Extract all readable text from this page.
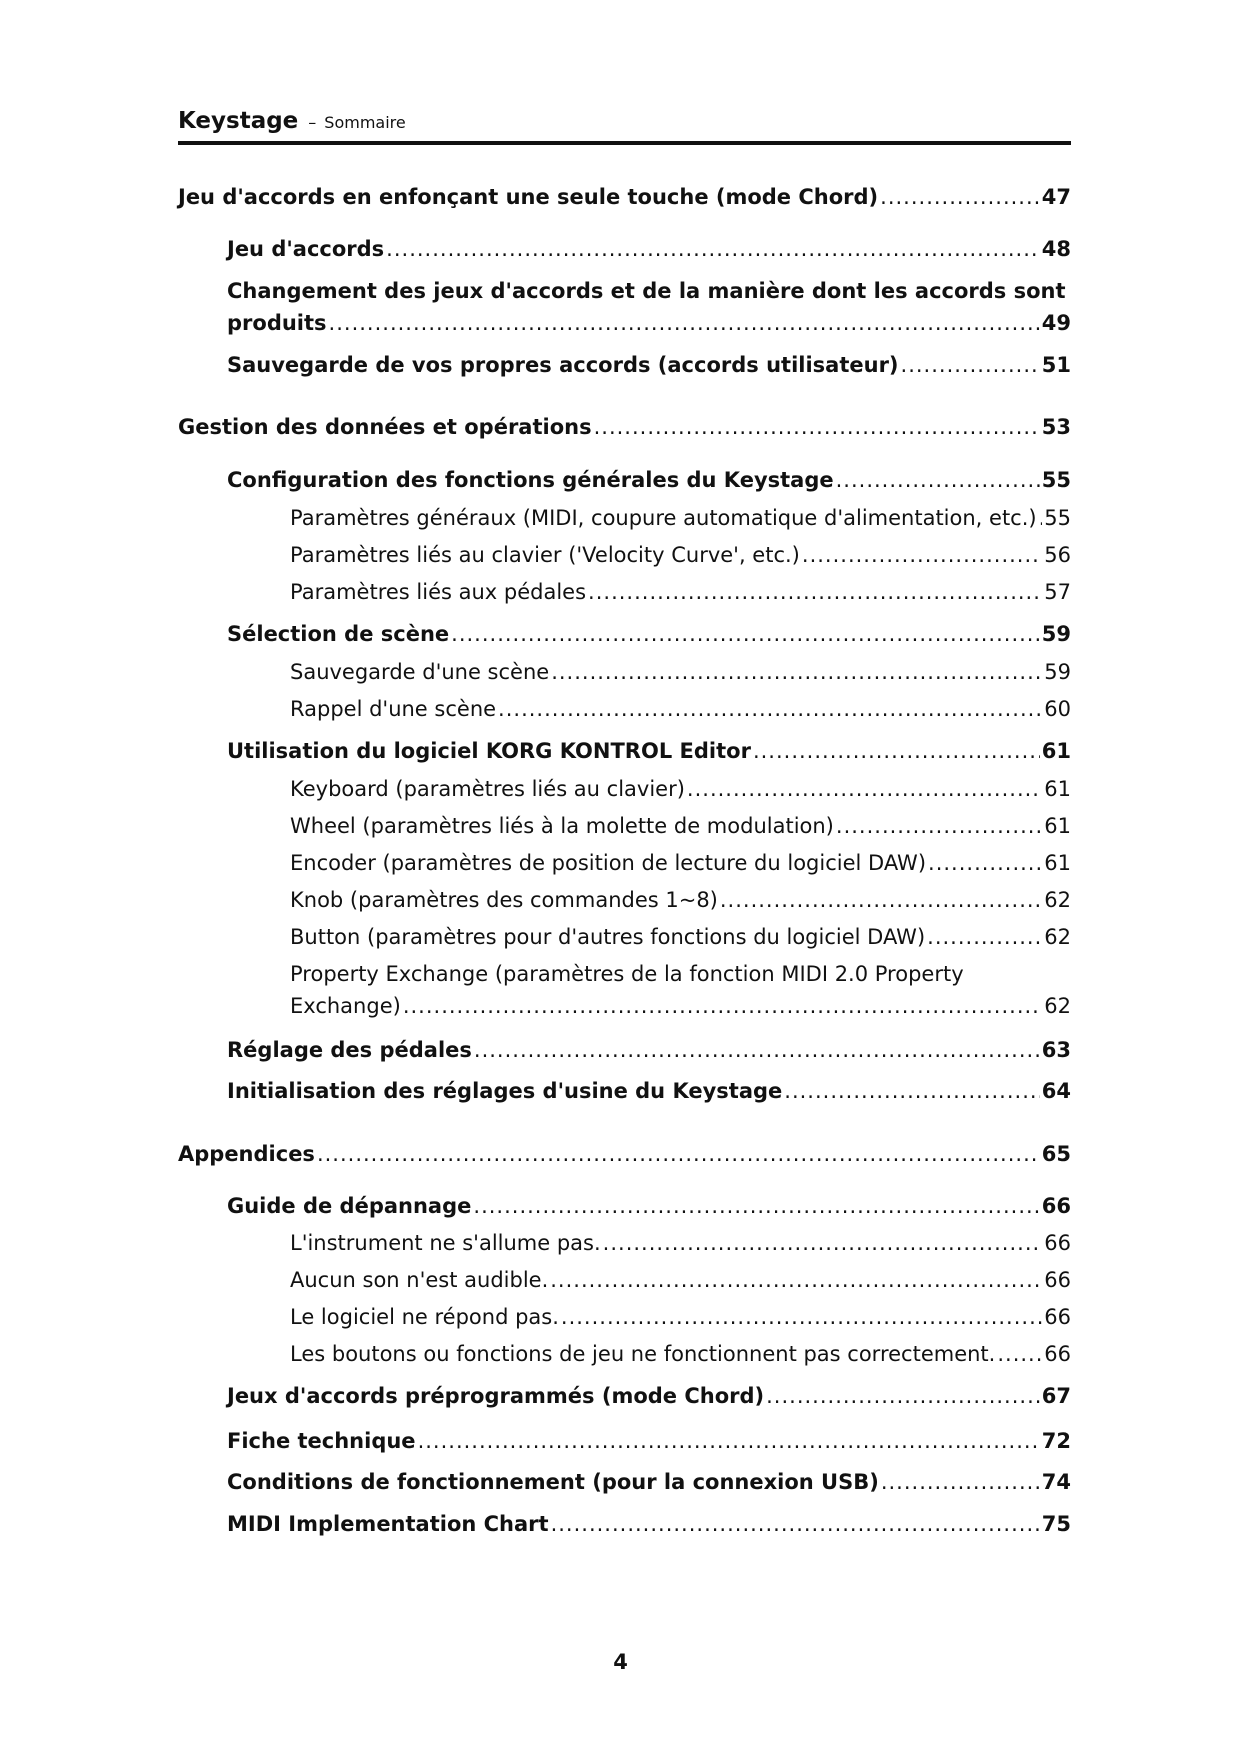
Keystage – Sommaire
Jeu d'accords en enfonçant une seule touche (mode Chord) .....	47
Jeu d'accords .....	48
Changement des jeux d'accords et de la manière dont les accords sont
produits .....	49
Sauvegarde de vos propres accords (accords utilisateur) .....	51
Gestion des données et opérations .....	53
Configuration des fonctions générales du Keystage .....	55
Paramètres généraux (MIDI, coupure automatique d'alimentation, etc.) ..... 55
Paramètres liés au clavier ('Velocity Curve', etc.) .....	56
Paramètres liés aux pédales .....	57
Sélection de scène .....	59
Sauvegarde d'une scène .....	59
Rappel d'une scène .....	60
Utilisation du logiciel KORG KONTROL Editor .....	61
Keyboard (paramètres liés au clavier) .....	61
Wheel (paramètres liés à la molette de modulation) .....	61
Encoder (paramètres de position de lecture du logiciel DAW) .....	61
Knob (paramètres des commandes 1~8) .....	62
Button (paramètres pour d'autres fonctions du logiciel DAW) .....	62
Property Exchange (paramètres de la fonction MIDI 2.0 Property
Exchange) .....	62
Réglage des pédales .....	63
Initialisation des réglages d'usine du Keystage .....	64
Appendices .....	65
Guide de dépannage .....	66
L'instrument ne s'allume pas. .....	66
Aucun son n'est audible. .....	66
Le logiciel ne répond pas. .....	66
Les boutons ou fonctions de jeu ne fonctionnent pas correctement. ..... 66
Jeux d'accords préprogrammés (mode Chord) .....	67
Fiche technique .....	72
Conditions de fonctionnement (pour la connexion USB) .....	74
MIDI Implementation Chart .....	75
4
